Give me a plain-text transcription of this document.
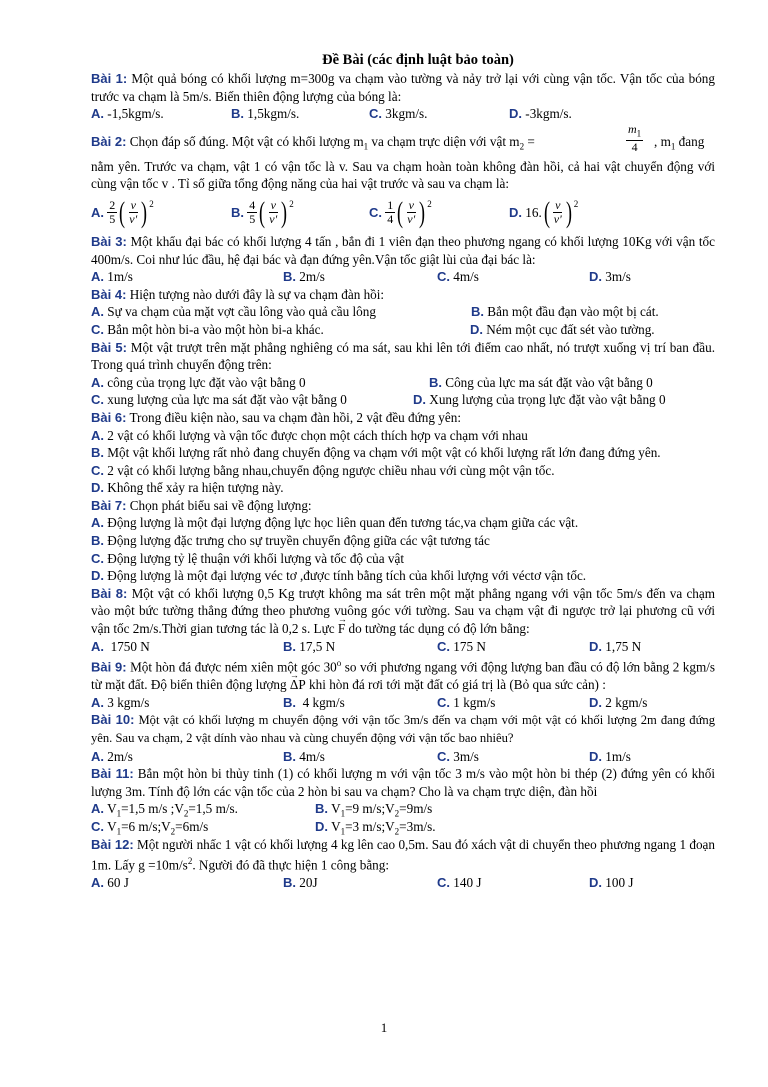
Đề Bài (các định luật bảo toàn)
Bài 1: Một quả bóng có khối lượng m=300g va chạm vào tường và nảy trở lại với cùng vận tốc. Vận tốc của bóng trước va chạm là 5m/s. Biến thiên động lượng của bóng là:
A. -1,5kgm/s.	B. 1,5kgm/s.	C. 3kgm/s.	D. -3kgm/s.
Bài 2: Chọn đáp số đúng. Một vật có khối lượng $m_1$ va chạm trực diện với vật $m_2$ =	$\frac{m_1}{4}$ , $m_1$ đang
nằm yên. Trước va chạm, vật 1 có vận tốc là v. Sau va chạm hoàn toàn không đàn hồi, cả hai vật chuyển động với cùng vận tốc v . Tỉ số giữa tổng động năng của hai vật trước và sau va chạm là:
A.
$\frac{2}{5}$ ( $\frac{v}{v'}$ ) 2
B.
$\frac{4}{5}$ ( $\frac{v}{v'}$ ) 2
C.
$\frac{1}{4}$ ( $\frac{v}{v'}$ ) 2
D.
16. ( $\frac{v}{v'}$ ) 2
Bài 3: Một khẩu đại bác có khối lượng 4 tấn , bắn đi 1 viên đạn theo phương ngang có khối lượng 10Kg với vận tốc 400m/s. Coi như lúc đầu, hệ đại bác và đạn đứng yên.Vận tốc giật lùi của đại bác là:
A. 1m/s	B. 2m/s	C. 4m/s	D. 3m/s
Bài 4: Hiện tượng nào dưới đây là sự va chạm đàn hồi:
A. Sự va chạm của mặt vợt cầu lông vào quả cầu lông	B. Bắn một đầu đạn vào một bị cát.
C. Bắn một hòn bi-a vào một hòn bi-a khác.	D. Ném một cục đất sét vào tường.
Bài 5: Một vật trượt trên mặt phẳng nghiêng có ma sát, sau khi lên tới điểm cao nhất, nó trượt xuống vị trí ban đầu. Trong quá trình chuyển động trên:
A. công của trọng lực đặt vào vật bằng 0	B. Công của lực ma sát đặt vào vật bằng 0
C. xung lượng của lực ma sát đặt vào vật bằng 0	D. Xung lượng của trọng lực đặt vào vật bằng 0
Bài 6: Trong điều kiện nào, sau va chạm đàn hồi, 2 vật đều đứng yên:
A. 2 vật có khối lượng và vận tốc được chọn một cách thích hợp va chạm với nhau
B. Một vật khối lượng rất nhỏ đang chuyển động va chạm với một vật có khối lượng rất lớn đang đứng yên.
C. 2 vật có khối lượng bằng nhau,chuyển động ngược chiều nhau với cùng một vận tốc.
D. Không thể xảy ra hiện tượng này.
Bài 7: Chọn phát biểu sai về động lượng:
A. Động lượng là một đại lượng động lực học liên quan đến tương tác,va chạm giữa các vật.
B. Động lượng đặc trưng cho sự truyền chuyển động giữa các vật tương tác
C. Động lượng tỷ lệ thuận với khối lượng và tốc độ của vật
D. Động lượng là một đại lượng véc tơ ,được tính bằng tích của khối lượng với véctơ vận tốc.
Bài 8: Một vật có khối lượng 0,5 Kg trượt không ma sát trên một mặt phẳng ngang với vận tốc 5m/s đến va chạm vào một bức tường thẳng đứng theo phương vuông góc với tường. Sau va chạm vật đi ngược trở lại phương cũ với vận tốc 2m/s.Thời gian tương tác là 0,2 s. Lực → F do tường tác dụng có độ lớn bằng:
A. 1750 N	B. 17,5 N	C. 175 N	D. 1,75 N
Bài 9: Một hòn đá được ném xiên một góc 30$^o$ so với phương ngang với động lượng ban đầu có độ lớn bằng 2 kgm/s từ mặt đất. Độ biến thiên động lượng → ΔP khi hòn đá rơi tới mặt đất có giá trị là (Bỏ qua sức cản) :
A. 3 kgm/s	B. 4 kgm/s	C. 1 kgm/s	D. 2 kgm/s
Bài 10: Một vật có khối lượng m chuyển động với vận tốc 3m/s đến va chạm với một vật có khối lượng 2m đang đứng yên. Sau va chạm, 2 vật dính vào nhau và cùng chuyển động với vận tốc bao nhiêu?
A. 2m/s	B. 4m/s	C. 3m/s	D. 1m/s
Bài 11: Bắn một hòn bi thủy tinh (1) có khối lượng m với vận tốc 3 m/s vào một hòn bi thép (2) đứng yên có khối lượng 3m. Tính độ lớn các vận tốc của 2 hòn bi sau va chạm? Cho là va chạm trực diện, đàn hồi
A. $V_1=1,5$ m/s $;V_2=1,5$ m/s.	B. $V_1=9$ $m/s;V_2=9m/s$
C. $V_1=6$ $m/s;V_2=6m/s$	D. $V_1=3$ $m/s;V_2=3m/s$.
Bài 12: Một người nhấc 1 vật có khối lượng 4 kg lên cao 0,5m. Sau đó xách vật di chuyển theo phương ngang 1 đoạn 1m. Lấy $g =10m/s^2$. Người đó đã thực hiện 1 công bằng:
A. 60 J	B. 20J	C. 140 J	D. 100 J
1
